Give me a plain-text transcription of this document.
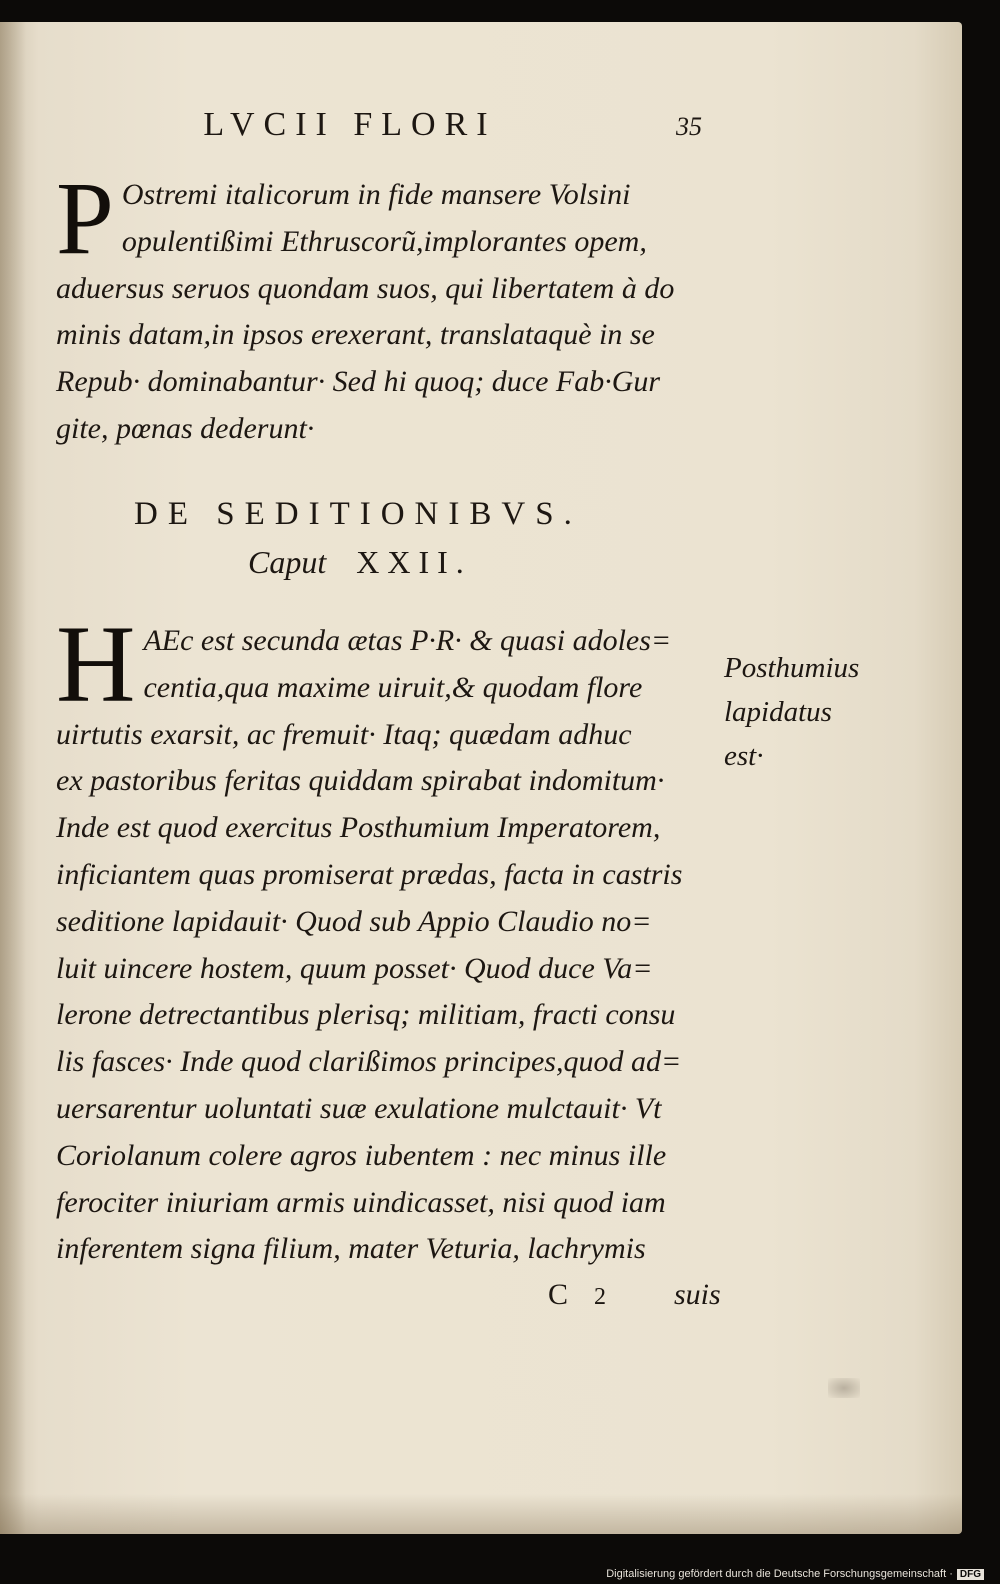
LVCII FLORI	35
P Ostremi italicorum in fide mansere Volsini
opulentißimi Ethruscorũ,implorantes opem,
aduersus seruos quondam suos, qui libertatem à do
minis datam,in ipsos erexerant, translataquè in se
Repub· dominabantur· Sed hi quoq; duce Fab·Gur
gite, pœnas dederunt·
DE SEDITIONIBVS.
Caput XXII.
H AEc est secunda ætas P·R· & quasi adoles=
centia,qua maxime uiruit,& quodam flore
uirtutis exarsit, ac fremuit· Itaq; quædam adhuc
ex pastoribus feritas quiddam spirabat indomitum·
Inde est quod exercitus Posthumium Imperatorem,
inficiantem quas promiserat prædas, facta in castris
seditione lapidauit· Quod sub Appio Claudio no=
luit uincere hostem, quum posset· Quod duce Va=
lerone detrectantibus plerisq; militiam, fracti consu
lis fasces· Inde quod clarißimos principes,quod ad=
uersarentur uoluntati suæ exulatione mulctauit· Vt
Coriolanum colere agros iubentem : nec minus ille
ferociter iniuriam armis uindicasset, nisi quod iam
inferentem signa filium, mater Veturia, lachrymis
Posthumius
lapidatus
est·
C 2 suis
Digitalisierung gefördert durch die Deutsche Forschungsgemeinschaft · DFG
